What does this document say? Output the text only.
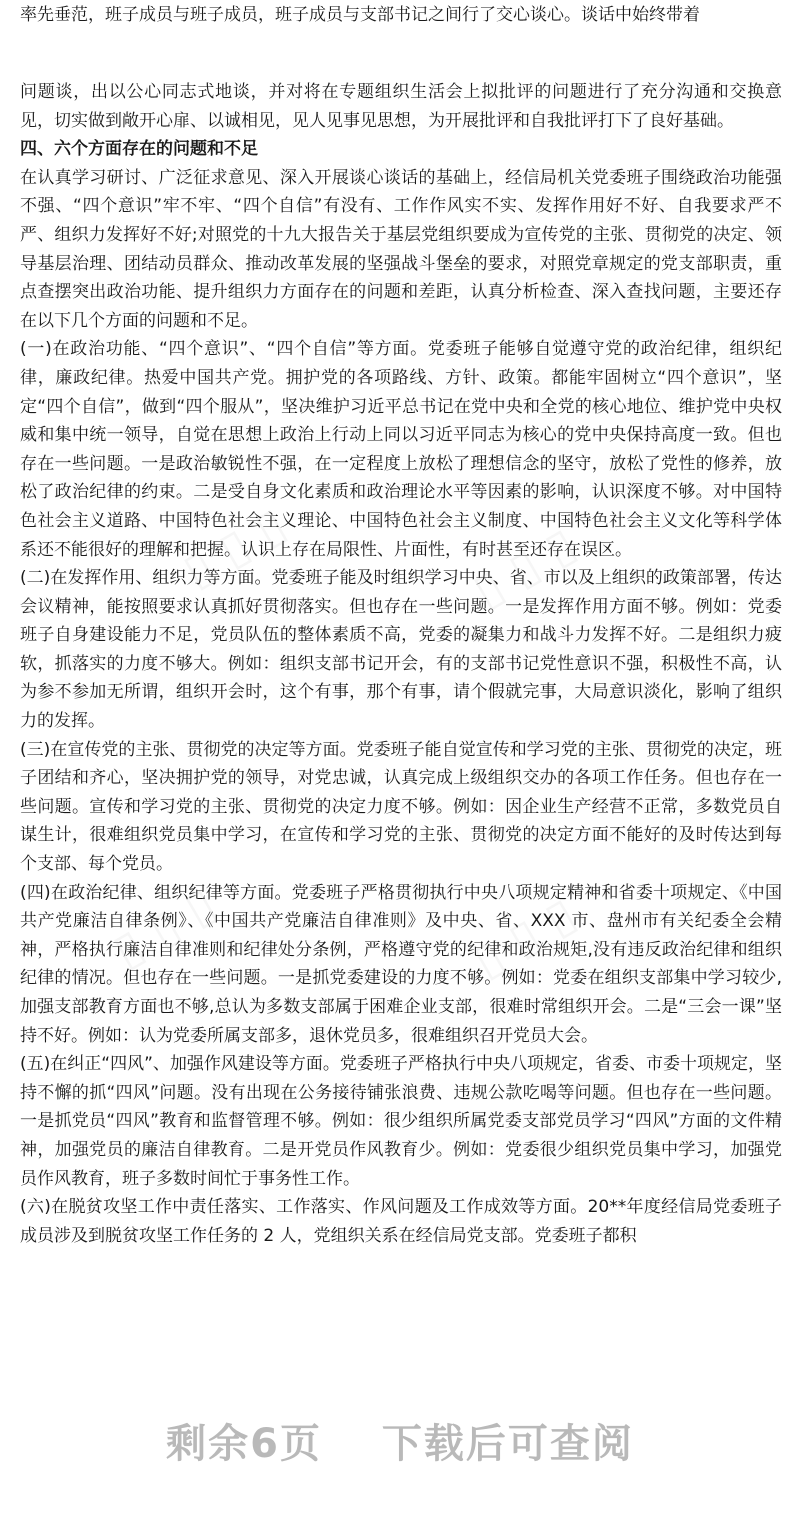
率先垂范，班子成员与班子成员，班子成员与支部书记之间行了交心谈心。谈话中始终带着

问题谈，出以公心同志式地谈，并对将在专题组织生活会上拟批评的问题进行了充分沟通和交换意见，切实做到敞开心扉、以诚相见，见人见事见思想，为开展批评和自我批评打下了良好基础。

四、六个方面存在的问题和不足

在认真学习研讨、广泛征求意见、深入开展谈心谈话的基础上，经信局机关党委班子围绕政治功能强不强、“四个意识”牢不牢、“四个自信”有没有、工作作风实不实、发挥作用好不好、自我要求严不严、组织力发挥好不好;对照党的十九大报告关于基层党组织要成为宣传党的主张、贯彻党的决定、领导基层治理、团结动员群众、推动改革发展的坚强战斗堡垒的要求，对照党章规定的党支部职责，重点查摆突出政治功能、提升组织力方面存在的问题和差距，认真分析检查、深入查找问题，主要还存在以下几个方面的问题和不足。

(一)在政治功能、“四个意识”、“四个自信”等方面。党委班子能够自觉遵守党的政治纪律，组织纪律，廉政纪律。热爱中国共产党。拥护党的各项路线、方针、政策。都能牢固树立“四个意识”，坚定“四个自信”，做到“四个服从”，坚决维护习近平总书记在党中央和全党的核心地位、维护党中央权威和集中统一领导，自觉在思想上政治上行动上同以习近平同志为核心的党中央保持高度一致。但也存在一些问题。一是政治敏锐性不强，在一定程度上放松了理想信念的坚守，放松了党性的修养，放松了政治纪律的约束。二是受自身文化素质和政治理论水平等因素的影响，认识深度不够。对中国特色社会主义道路、中国特色社会主义理论、中国特色社会主义制度、中国特色社会主义文化等科学体系还不能很好的理解和把握。认识上存在局限性、片面性，有时甚至还存在误区。

(二)在发挥作用、组织力等方面。党委班子能及时组织学习中央、省、市以及上组织的政策部署，传达会议精神，能按照要求认真抓好贯彻落实。但也存在一些问题。一是发挥作用方面不够。例如：党委班子自身建设能力不足，党员队伍的整体素质不高，党委的凝集力和战斗力发挥不好。二是组织力疲软，抓落实的力度不够大。例如：组织支部书记开会，有的支部书记党性意识不强，积极性不高，认为参不参加无所谓，组织开会时，这个有事，那个有事，请个假就完事，大局意识淡化，影响了组织力的发挥。

(三)在宣传党的主张、贯彻党的决定等方面。党委班子能自觉宣传和学习党的主张、贯彻党的决定，班子团结和齐心，坚决拥护党的领导，对党忠诚，认真完成上级组织交办的各项工作任务。但也存在一些问题。宣传和学习党的主张、贯彻党的决定力度不够。例如：因企业生产经营不正常，多数党员自谋生计，很难组织党员集中学习，在宣传和学习党的主张、贯彻党的决定方面不能好的及时传达到每个支部、每个党员。

(四)在政治纪律、组织纪律等方面。党委班子严格贯彻执行中央八项规定精神和省委十项规定、《中国共产党廉洁自律条例》、《中国共产党廉洁自律准则》及中央、省、XXX 市、盘州市有关纪委全会精神，严格执行廉洁自律准则和纪律处分条例，严格遵守党的纪律和政治规矩,没有违反政治纪律和组织纪律的情况。但也存在一些问题。一是抓党委建设的力度不够。例如：党委在组织支部集中学习较少,加强支部教育方面也不够,总认为多数支部属于困难企业支部，很难时常组织开会。二是“三会一课”坚持不好。例如：认为党委所属支部多，退休党员多，很难组织召开党员大会。

(五)在纠正“四风”、加强作风建设等方面。党委班子严格执行中央八项规定，省委、市委十项规定，坚持不懈的抓“四风”问题。没有出现在公务接待铺张浪费、违规公款吃喝等问题。但也存在一些问题。一是抓党员“四风”教育和监督管理不够。例如：很少组织所属党委支部党员学习“四风”方面的文件精神，加强党员的廉洁自律教育。二是开党员作风教育少。例如：党委很少组织党员集中学习，加强党员作风教育，班子多数时间忙于事务性工作。

(六)在脱贫攻坚工作中责任落实、工作落实、作风问题及工作成效等方面。20**年度经信局党委班子成员涉及到脱贫攻坚工作任务的 2 人，党组织关系在经信局党支部。党委班子都积

▯ ▯ ▯	▯ ▯ ▯
▯ ▯ ▯	▯ ▯ ▯
剩余6页 下载后可查阅
